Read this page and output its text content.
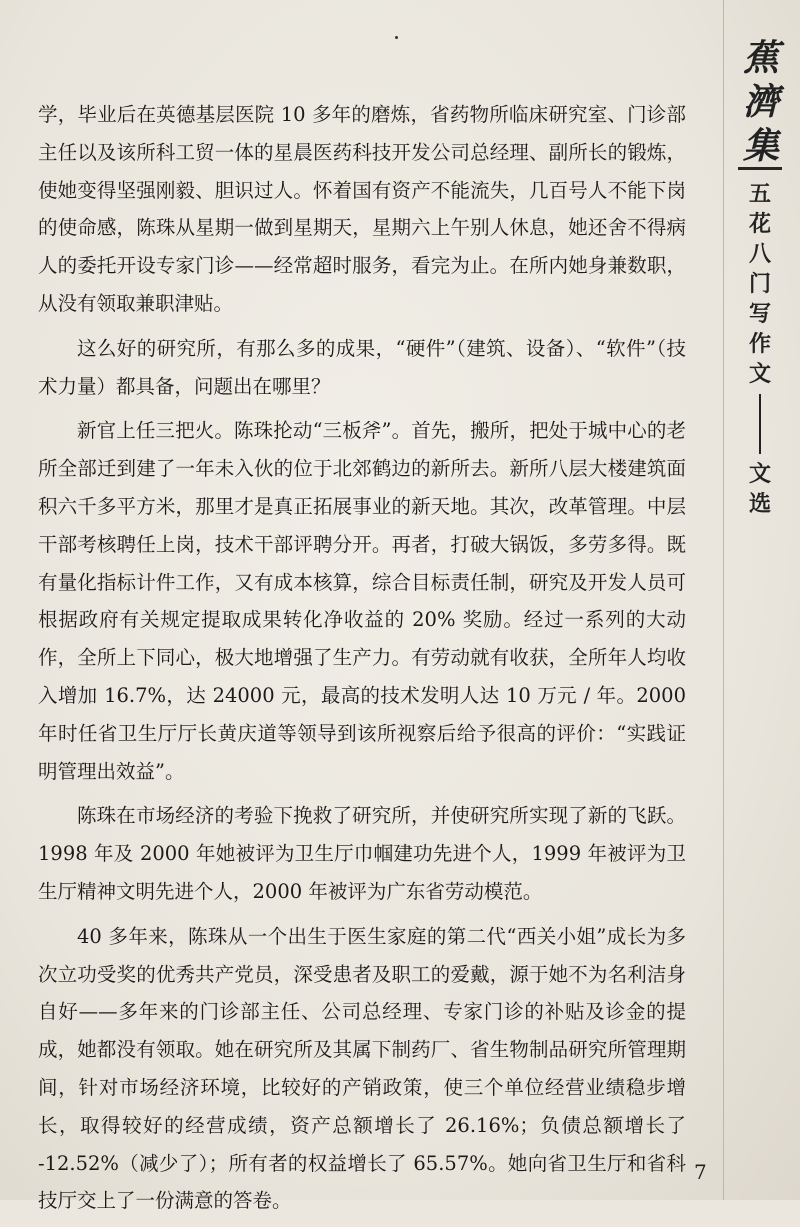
学，毕业后在英德基层医院 10 多年的磨炼，省药物所临床研究室、门诊部主任以及该所科工贸一体的星晨医药科技开发公司总经理、副所长的锻炼，使她变得坚强刚毅、胆识过人。怀着国有资产不能流失，几百号人不能下岗的使命感，陈珠从星期一做到星期天，星期六上午别人休息，她还舍不得病人的委托开设专家门诊——经常超时服务，看完为止。在所内她身兼数职，从没有领取兼职津贴。

这么好的研究所，有那么多的成果，“硬件”（建筑、设备）、“软件”（技术力量）都具备，问题出在哪里？

新官上任三把火。陈珠抡动“三板斧”。首先，搬所，把处于城中心的老所全部迁到建了一年未入伙的位于北郊鹤边的新所去。新所八层大楼建筑面积六千多平方米，那里才是真正拓展事业的新天地。其次，改革管理。中层干部考核聘任上岗，技术干部评聘分开。再者，打破大锅饭，多劳多得。既有量化指标计件工作，又有成本核算，综合目标责任制，研究及开发人员可根据政府有关规定提取成果转化净收益的 20% 奖励。经过一系列的大动作，全所上下同心，极大地增强了生产力。有劳动就有收获，全所年人均收入增加 16.7%，达 24000 元，最高的技术发明人达 10 万元 / 年。2000 年时任省卫生厅厅长黄庆道等领导到该所视察后给予很高的评价：“实践证明管理出效益”。

陈珠在市场经济的考验下挽救了研究所，并使研究所实现了新的飞跃。1998 年及 2000 年她被评为卫生厅巾帼建功先进个人，1999 年被评为卫生厅精神文明先进个人，2000 年被评为广东省劳动模范。

40 多年来，陈珠从一个出生于医生家庭的第二代“西关小姐”成长为多次立功受奖的优秀共产党员，深受患者及职工的爱戴，源于她不为名利洁身自好——多年来的门诊部主任、公司总经理、专家门诊的补贴及诊金的提成，她都没有领取。她在研究所及其属下制药厂、省生物制品研究所管理期间，针对市场经济环境，比较好的产销政策，使三个单位经营业绩稳步增长，取得较好的经营成绩，资产总额增长了 26.16%；负债总额增长了 -12.52%（减少了）；所有者的权益增长了 65.57%。她向省卫生厅和省科技厅交上了一份满意的答卷。

蕉
濟
集
五
花
八
门
写
作
文
文
选
7
